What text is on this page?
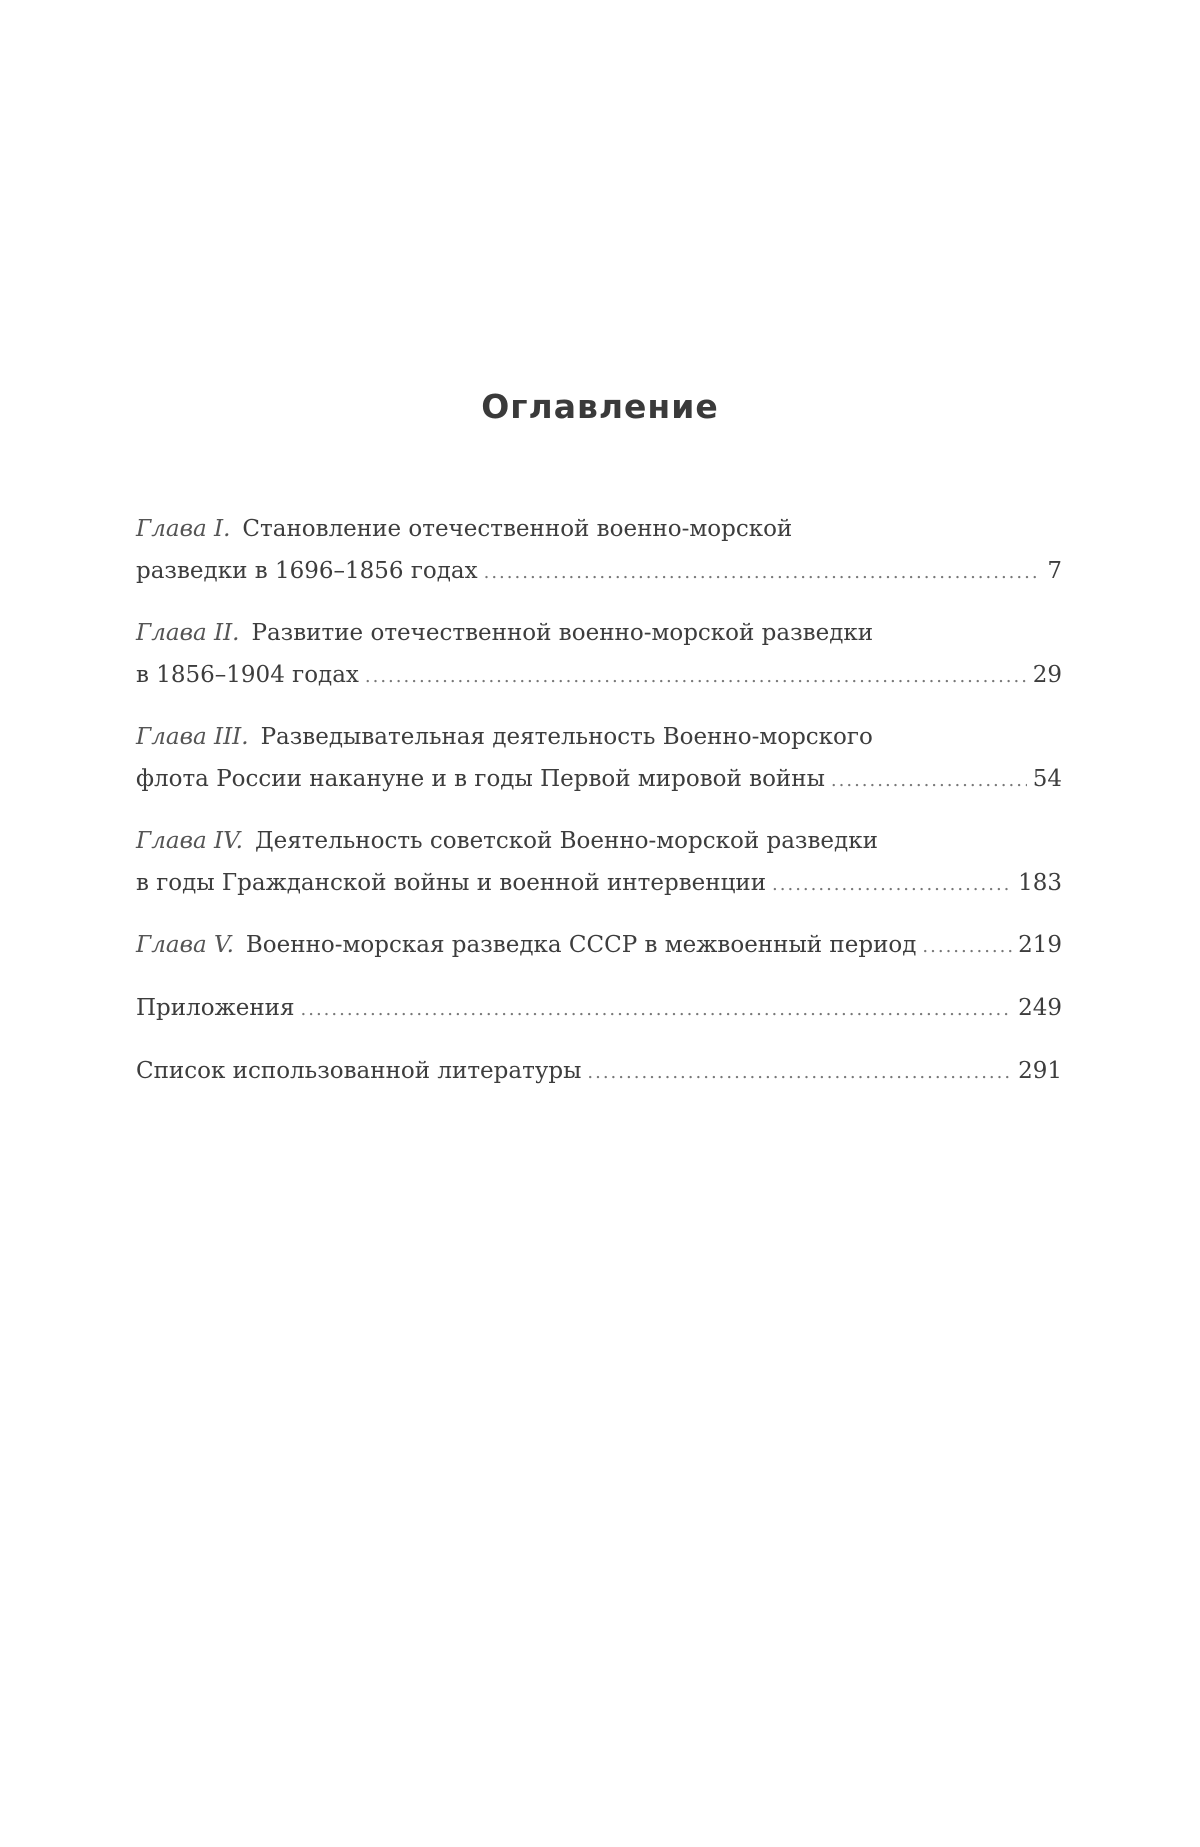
Оглавление
Глава I. Становление отечественной военно-морской
разведки в 1696–1856 годах .....	7
Глава II. Развитие отечественной военно-морской разведки
в 1856–1904 годах .....	29
Глава III. Разведывательная деятельность Военно-морского
флота России накануне и в годы Первой мировой войны .....	54
Глава IV. Деятельность советской Военно-морской разведки
в годы Гражданской войны и военной интервенции .....	183
Глава V. Военно-морская разведка СССР в межвоенный период .....	219
Приложения .....	249
Список использованной литературы .....	291
